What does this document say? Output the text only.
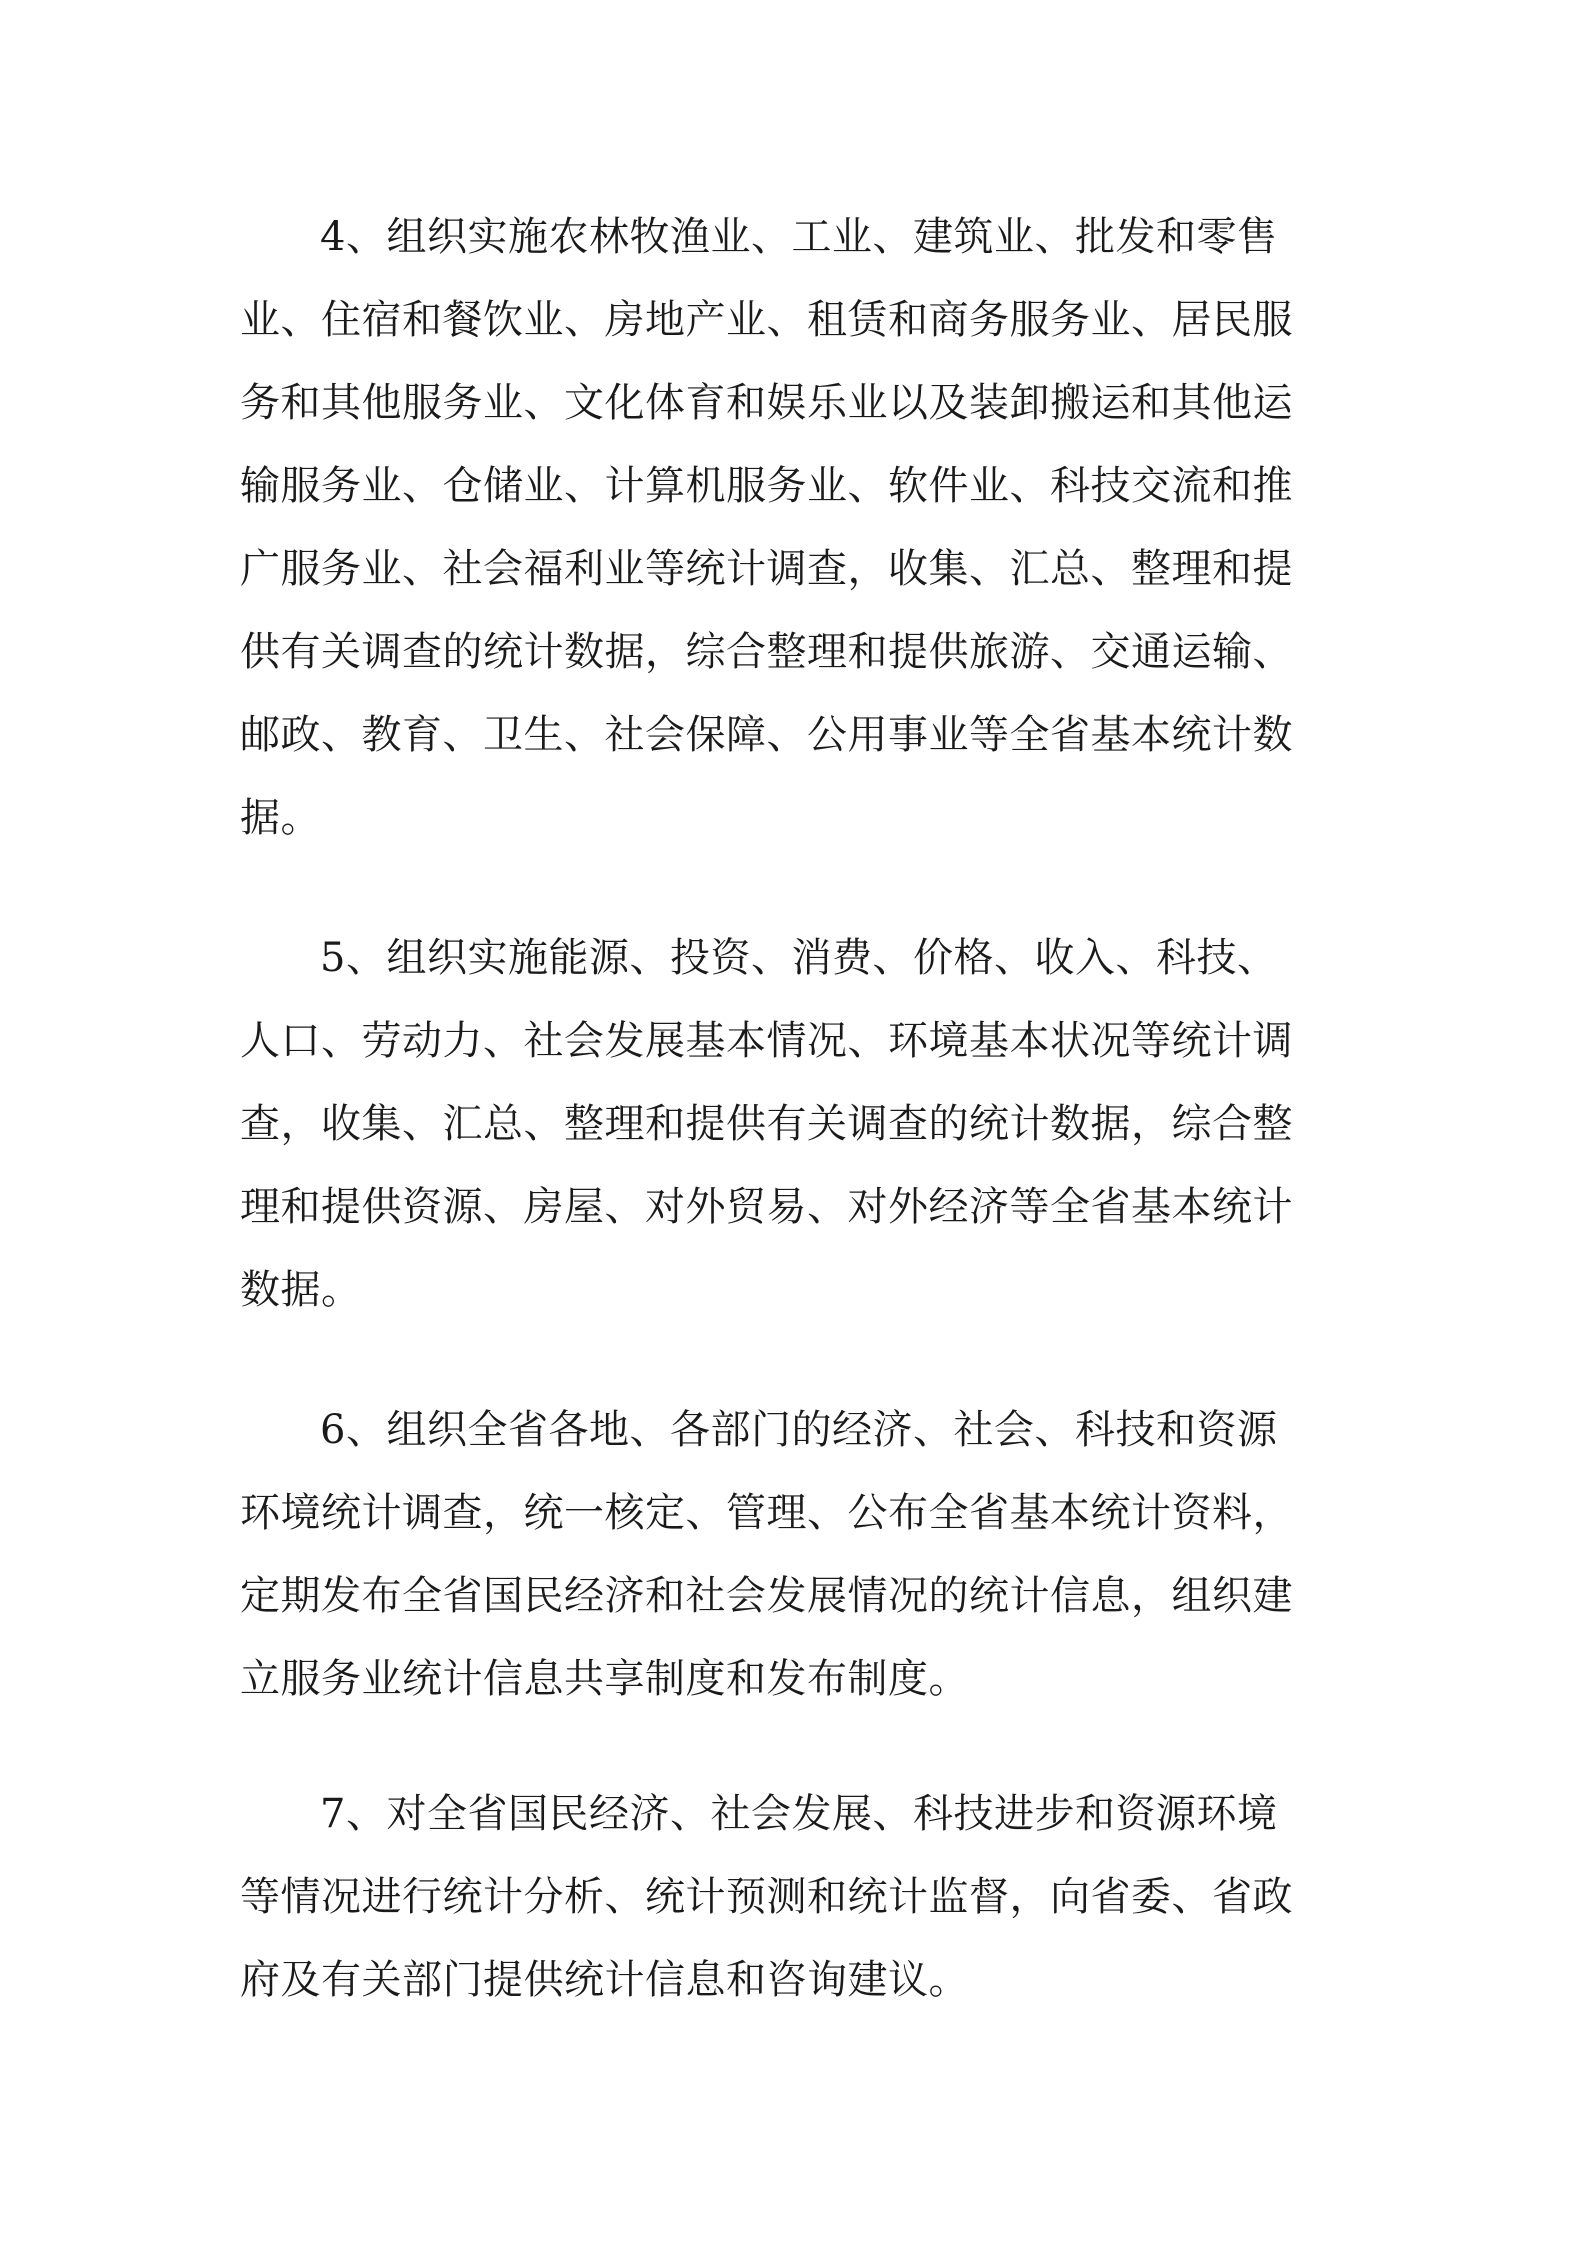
4、组织实施农林牧渔业、工业、建筑业、批发和零售
业、住宿和餐饮业、房地产业、租赁和商务服务业、居民服
务和其他服务业、文化体育和娱乐业以及装卸搬运和其他运
输服务业、仓储业、计算机服务业、软件业、科技交流和推
广服务业、社会福利业等统计调查，收集、汇总、整理和提
供有关调查的统计数据，综合整理和提供旅游、交通运输、
邮政、教育、卫生、社会保障、公用事业等全省基本统计数
据。
5、组织实施能源、投资、消费、价格、收入、科技、
人口、劳动力、社会发展基本情况、环境基本状况等统计调
查，收集、汇总、整理和提供有关调查的统计数据，综合整
理和提供资源、房屋、对外贸易、对外经济等全省基本统计
数据。
6、组织全省各地、各部门的经济、社会、科技和资源
环境统计调查，统一核定、管理、公布全省基本统计资料，
定期发布全省国民经济和社会发展情况的统计信息，组织建
立服务业统计信息共享制度和发布制度。
7、对全省国民经济、社会发展、科技进步和资源环境
等情况进行统计分析、统计预测和统计监督，向省委、省政
府及有关部门提供统计信息和咨询建议。
